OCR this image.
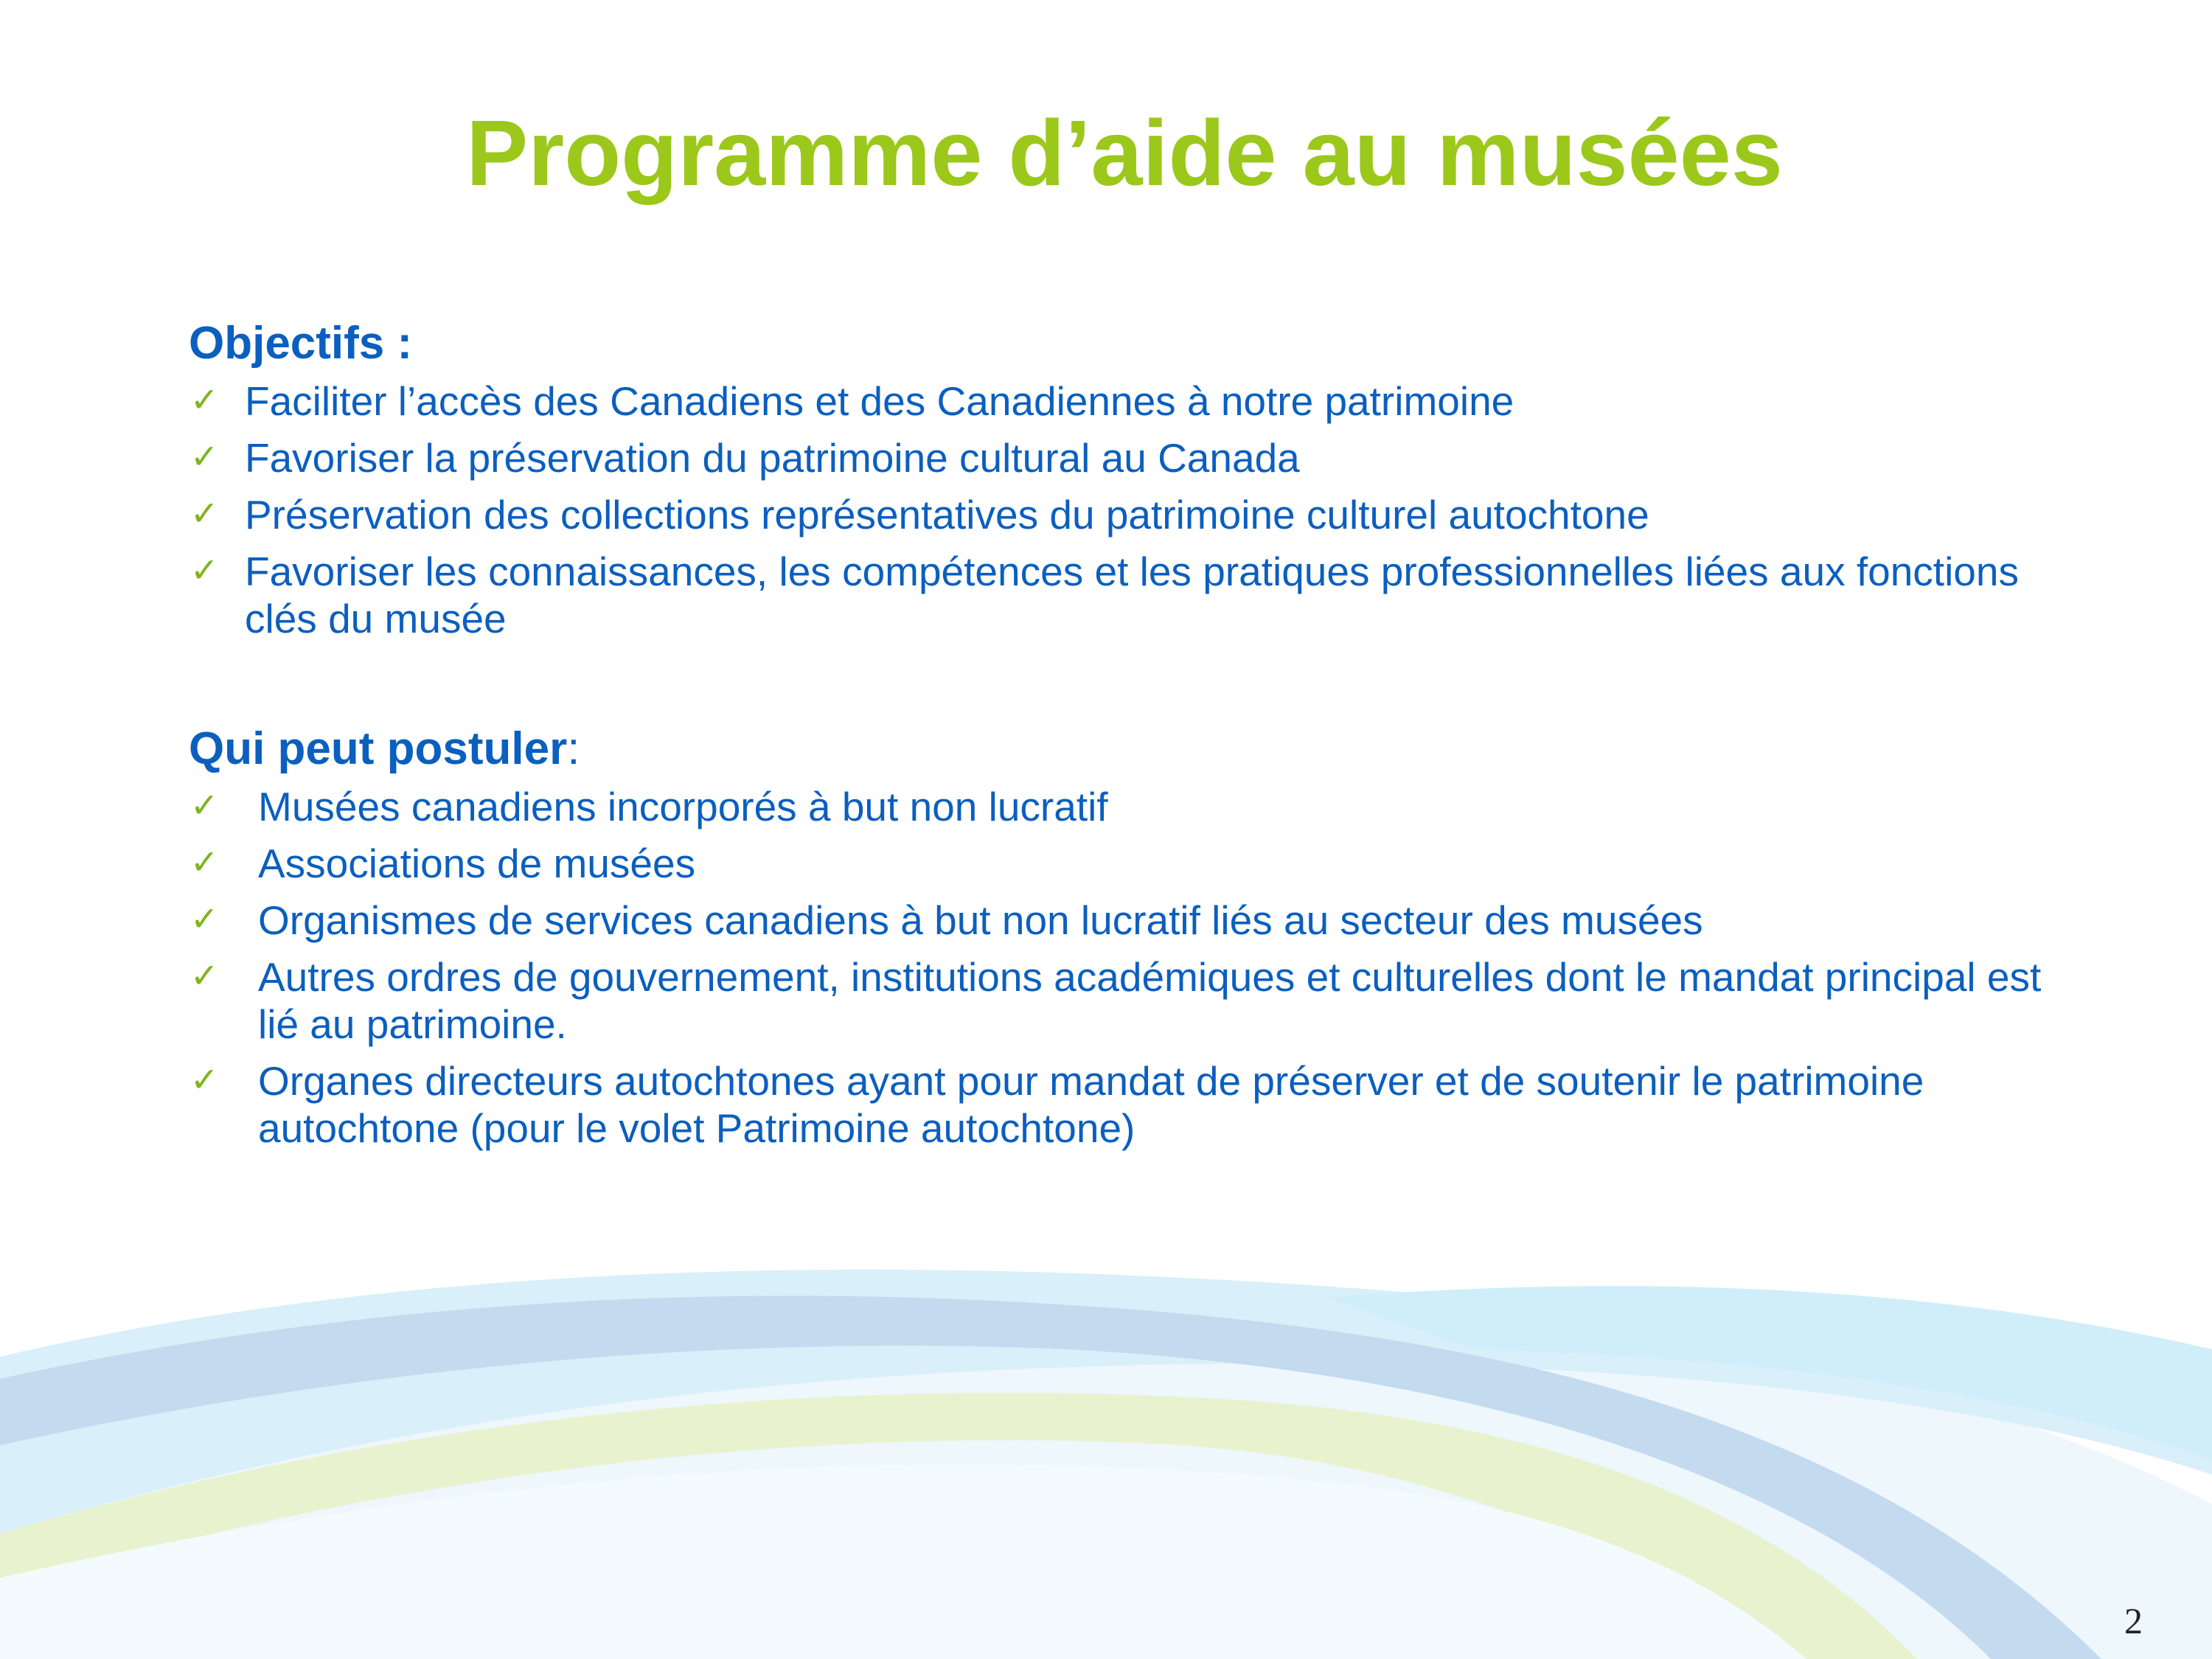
Programme d’aide au musées
Objectifs :
✓ Faciliter l’accès des Canadiens et des Canadiennes à notre patrimoine
✓ Favoriser la préservation du patrimoine cultural au Canada
✓ Préservation des collections représentatives du patrimoine culturel autochtone
✓ Favoriser les connaissances, les compétences et les pratiques professionnelles liées aux fonctions clés du musée
Qui peut postuler:
✓ Musées canadiens incorporés à but non lucratif
✓ Associations de musées
✓ Organismes de services canadiens à but non lucratif liés au secteur des musées
✓ Autres ordres de gouvernement, institutions académiques et culturelles dont le mandat principal est lié au patrimoine.
✓ Organes directeurs autochtones ayant pour mandat de préserver et de soutenir le patrimoine autochtone (pour le volet Patrimoine autochtone)
2
